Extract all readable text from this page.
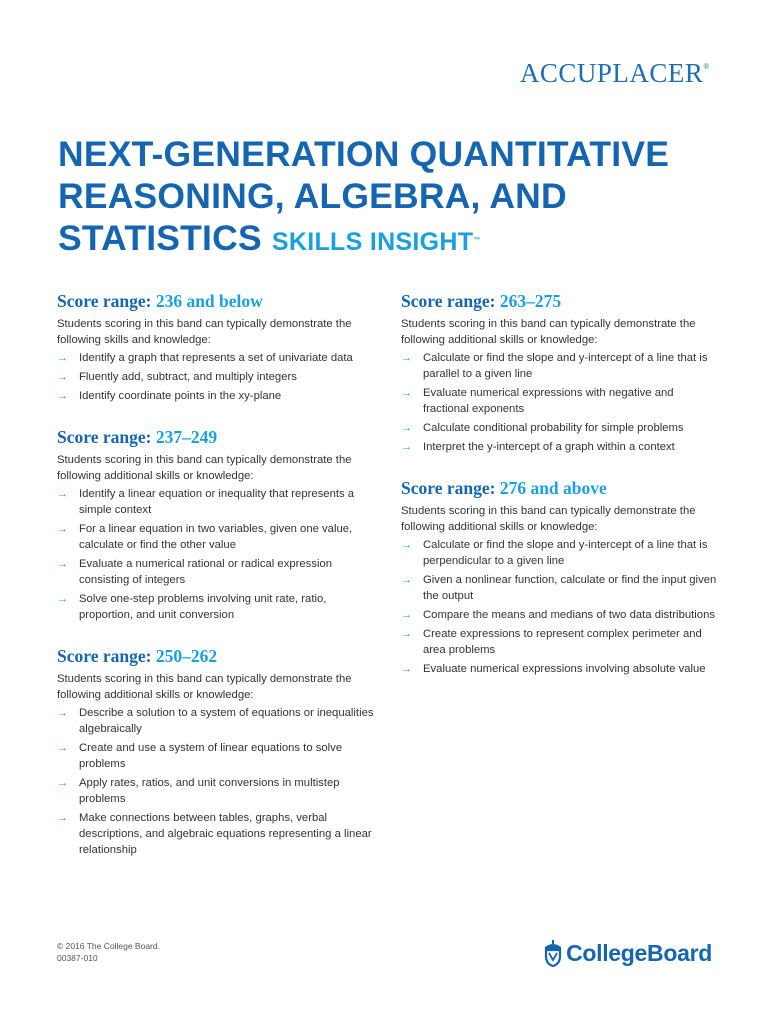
ACCUPLACER®
NEXT-GENERATION QUANTITATIVE
REASONING, ALGEBRA, AND
STATISTICS SKILLS INSIGHT™
Score range: 236 and below
Students scoring in this band can typically demonstrate the following skills and knowledge:
→ Identify a graph that represents a set of univariate data
→ Fluently add, subtract, and multiply integers
→ Identify coordinate points in the xy-plane
Score range: 237–249
Students scoring in this band can typically demonstrate the following additional skills or knowledge:
→ Identify a linear equation or inequality that represents a simple context
→ For a linear equation in two variables, given one value, calculate or find the other value
→ Evaluate a numerical rational or radical expression consisting of integers
→ Solve one-step problems involving unit rate, ratio, proportion, and unit conversion
Score range: 250–262
Students scoring in this band can typically demonstrate the following additional skills or knowledge:
→ Describe a solution to a system of equations or inequalities algebraically
→ Create and use a system of linear equations to solve problems
→ Apply rates, ratios, and unit conversions in multistep problems
→ Make connections between tables, graphs, verbal descriptions, and algebraic equations representing a linear relationship
Score range: 263–275
Students scoring in this band can typically demonstrate the following additional skills or knowledge:
→ Calculate or find the slope and y-intercept of a line that is parallel to a given line
→ Evaluate numerical expressions with negative and fractional exponents
→ Calculate conditional probability for simple problems
→ Interpret the y-intercept of a graph within a context
Score range: 276 and above
Students scoring in this band can typically demonstrate the following additional skills or knowledge:
→ Calculate or find the slope and y-intercept of a line that is perpendicular to a given line
→ Given a nonlinear function, calculate or find the input given the output
→ Compare the means and medians of two data distributions
→ Create expressions to represent complex perimeter and area problems
→ Evaluate numerical expressions involving absolute value
© 2016 The College Board.
00387-010	CollegeBoard
